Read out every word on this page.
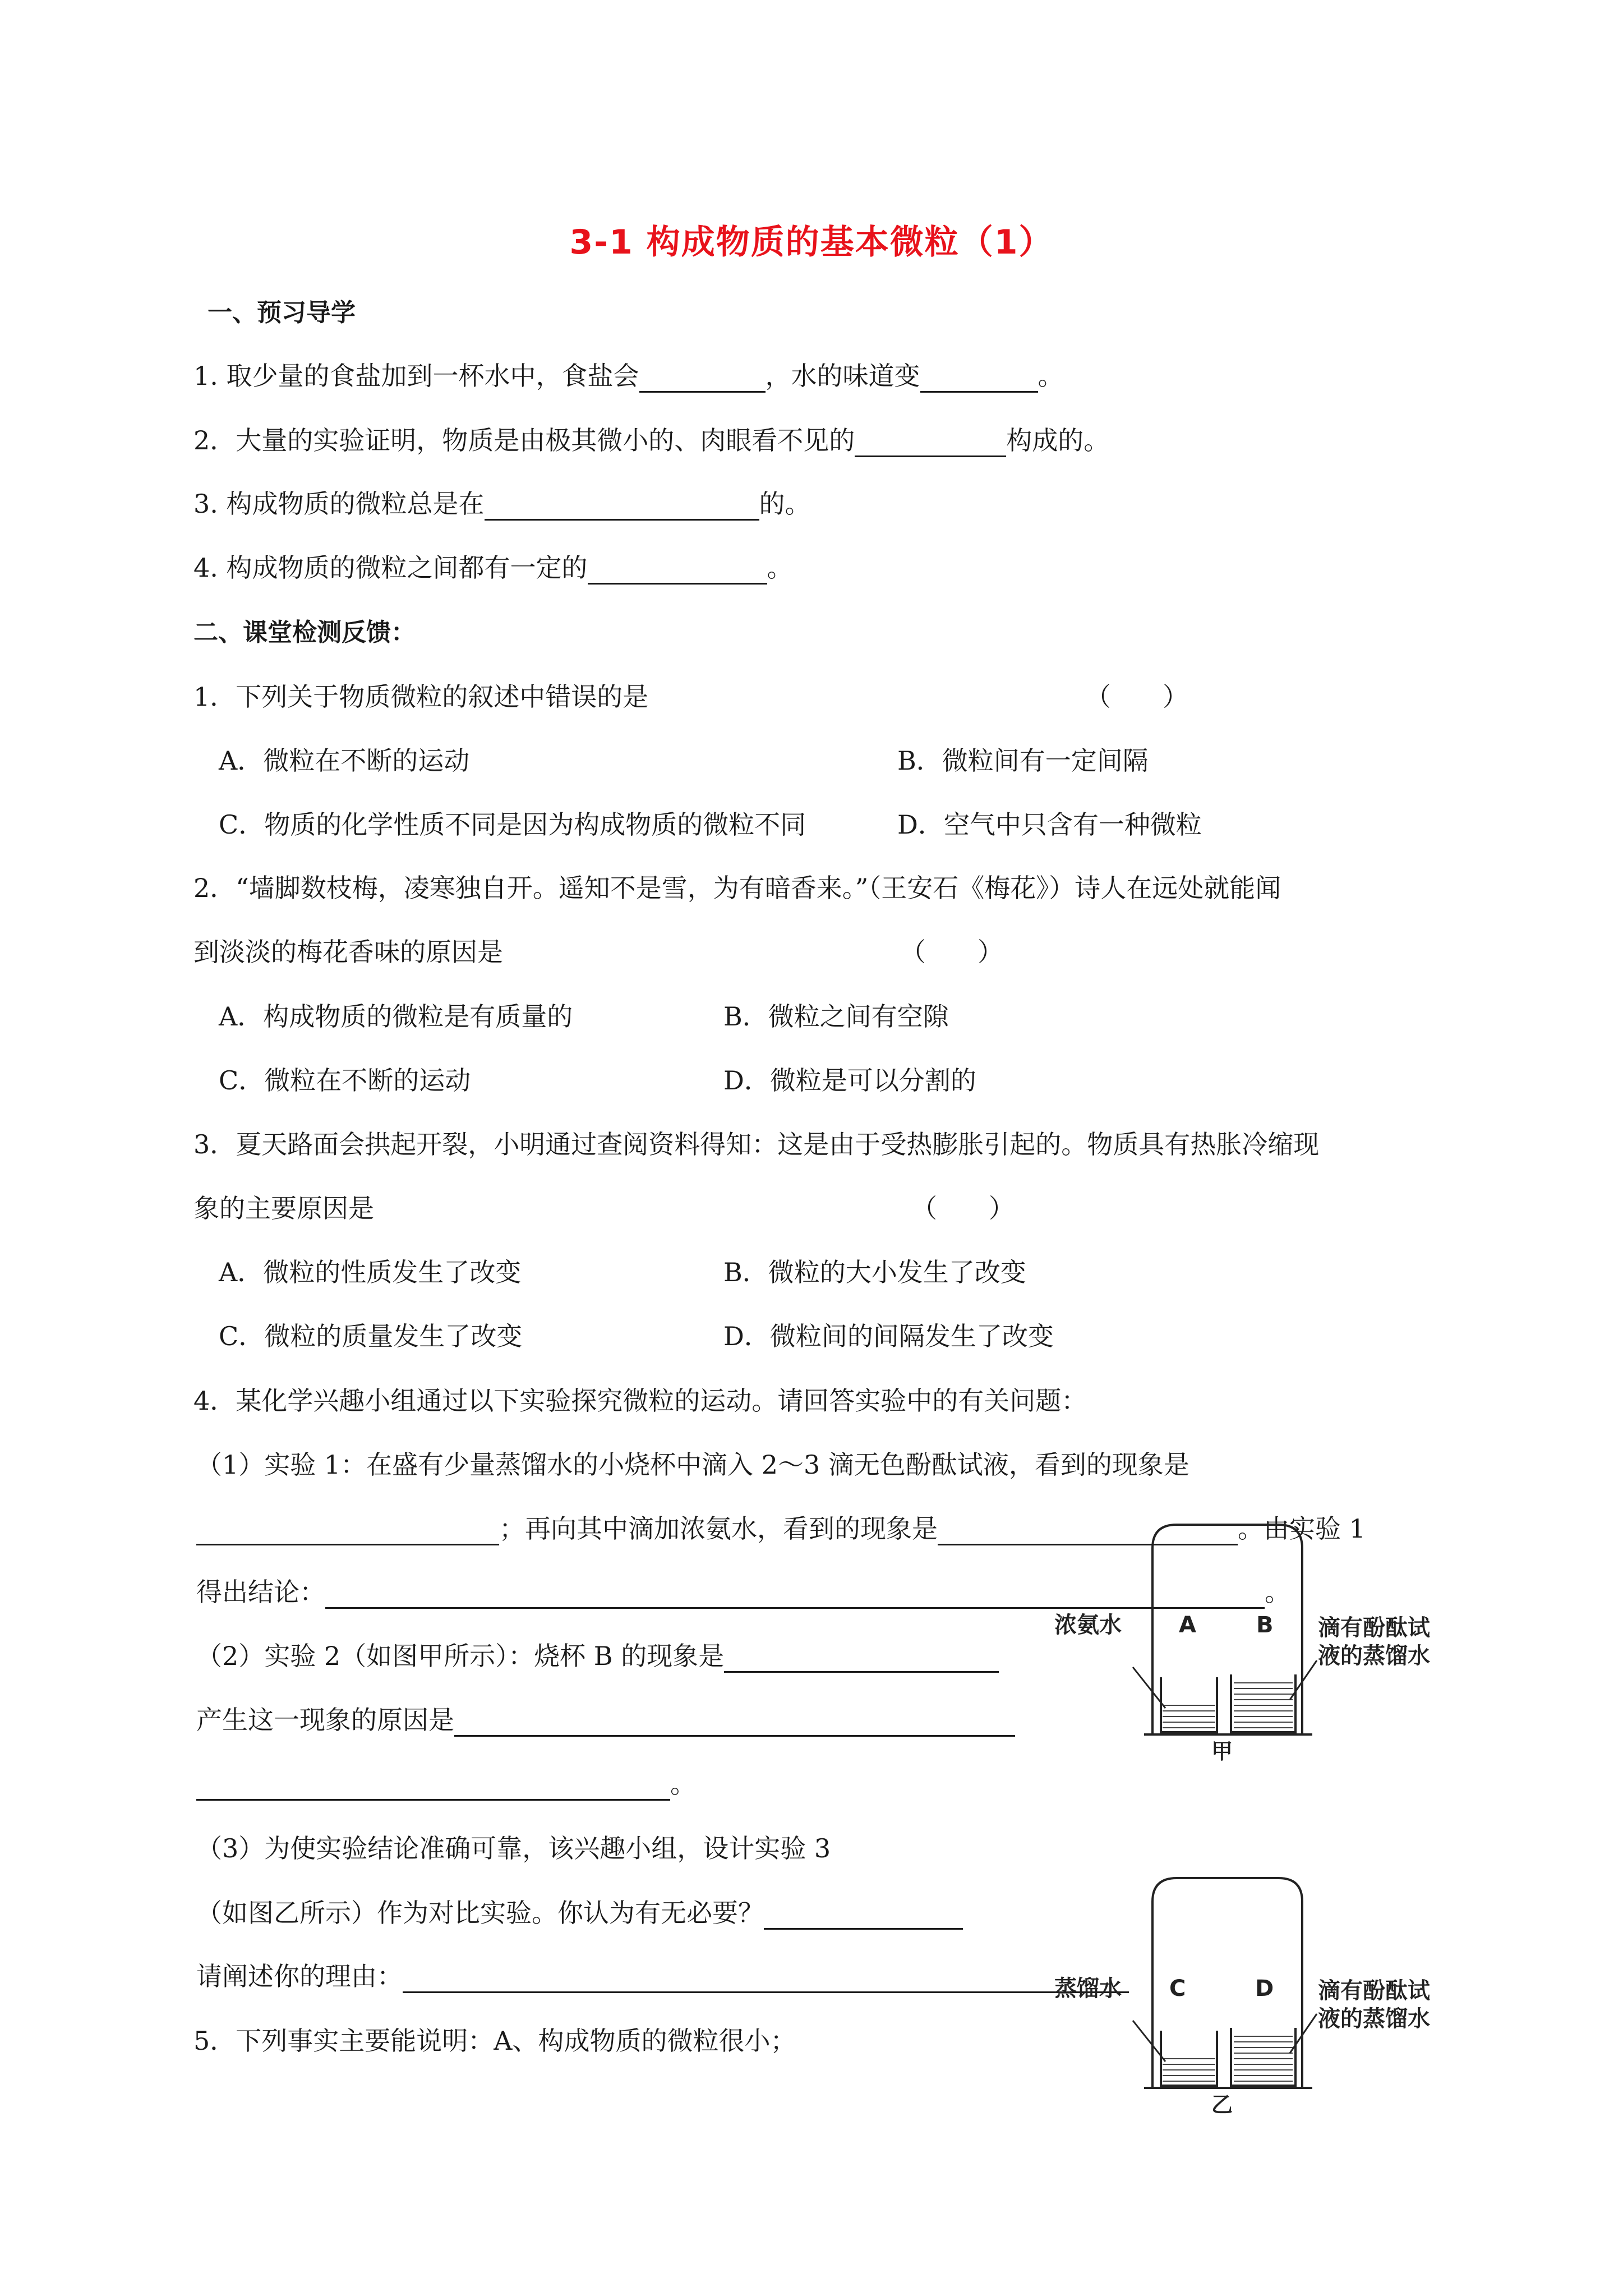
3-1 构成物质的基本微粒（1）
一、预习导学
1. 取少量的食盐加到一杯水中，食盐会	，水的味道变	。
2．大量的实验证明，物质是由极其微小的、肉眼看不见的	构成的。
3. 构成物质的微粒总是在	的。
4. 构成物质的微粒之间都有一定的	。
二、课堂检测反馈：
1．下列关于物质微粒的叙述中错误的是	（　　）
A．微粒在不断的运动	B．微粒间有一定间隔
C．物质的化学性质不同是因为构成物质的微粒不同	D．空气中只含有一种微粒
2．“墙脚数枝梅，凌寒独自开。遥知不是雪，为有暗香来。”（王安石《梅花》）诗人在远处就能闻
到淡淡的梅花香味的原因是	（　　）
A．构成物质的微粒是有质量的	B．微粒之间有空隙
C．微粒在不断的运动	D．微粒是可以分割的
3．夏天路面会拱起开裂，小明通过查阅资料得知：这是由于受热膨胀引起的。物质具有热胀冷缩现
象的主要原因是	（　　）
A．微粒的性质发生了改变	B．微粒的大小发生了改变
C．微粒的质量发生了改变	D．微粒间的间隔发生了改变
4．某化学兴趣小组通过以下实验探究微粒的运动。请回答实验中的有关问题：
（1）实验 1：在盛有少量蒸馏水的小烧杯中滴入 2～3 滴无色酚酞试液，看到的现象是
；再向其中滴加浓氨水，看到的现象是	。由实验 1
得出结论：	。
（2）实验 2（如图甲所示）：烧杯 B 的现象是
产生这一现象的原因是
。
（3）为使实验结论准确可靠，该兴趣小组，设计实验 3
（如图乙所示）作为对比实验。你认为有无必要？
请阐述你的理由：
5．下列事实主要能说明：A、构成物质的微粒很小；
浓氨水	A	B 滴有酚酞试
液的蒸馏水
甲
蒸馏水 C	D 滴有酚酞试
液的蒸馏水
乙
